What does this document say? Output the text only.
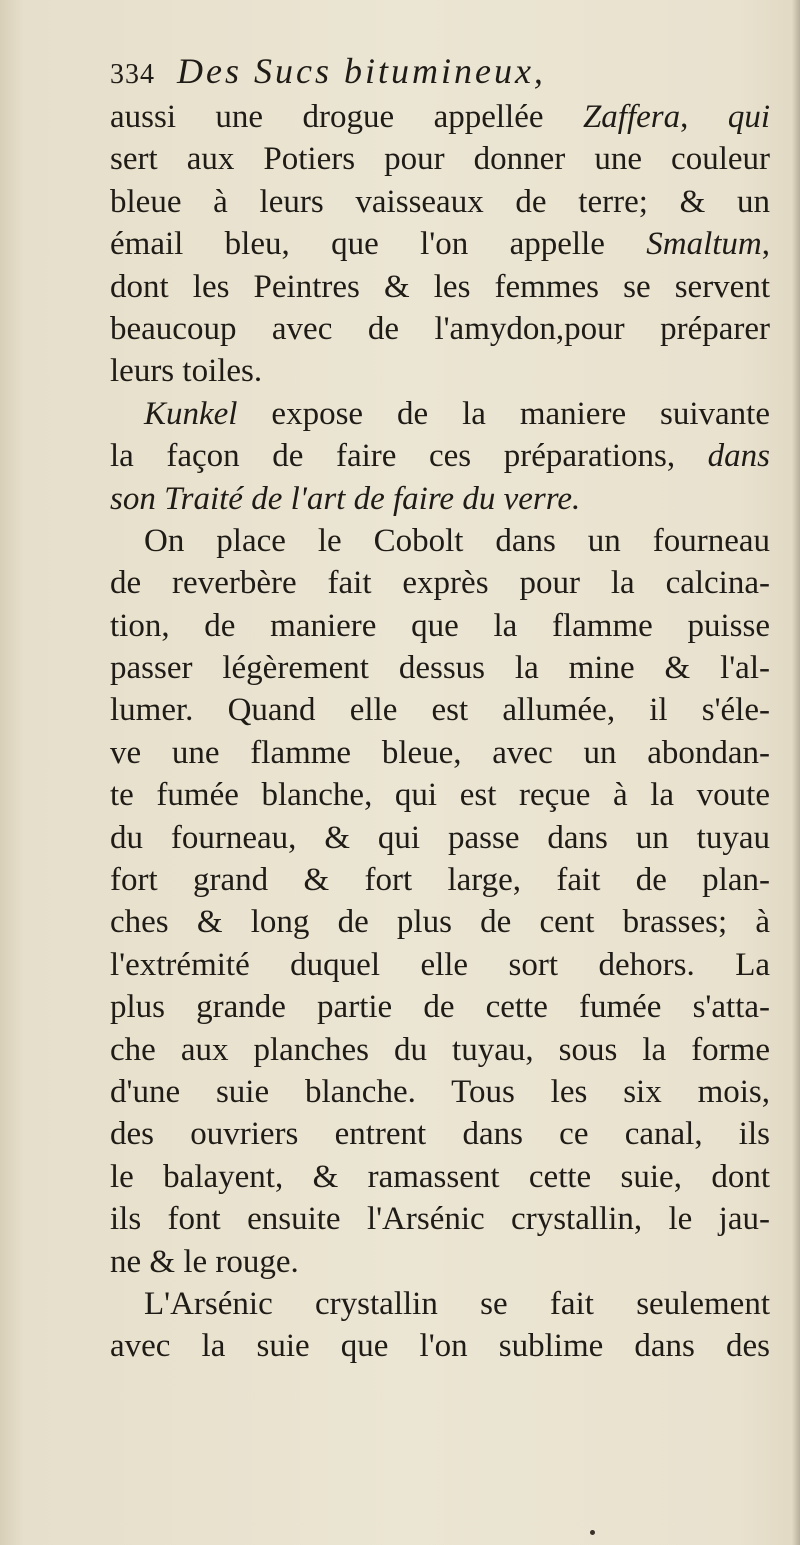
334 Des Sucs bitumineux,
aussi une drogue appellée Zaffera, qui
sert aux Potiers pour donner une couleur
bleue à leurs vaisseaux de terre; & un
émail bleu, que l'on appelle Smaltum,
dont les Peintres & les femmes se servent
beaucoup avec de l'amydon,pour préparer
leurs toiles.
Kunkel expose de la maniere suivante
la façon de faire ces préparations, dans
son Traité de l'art de faire du verre.
On place le Cobolt dans un fourneau
de reverbère fait exprès pour la calcina-
tion, de maniere que la flamme puisse
passer légèrement dessus la mine & l'al-
lumer. Quand elle est allumée, il s'éle-
ve une flamme bleue, avec un abondan-
te fumée blanche, qui est reçue à la voute
du fourneau, & qui passe dans un tuyau
fort grand & fort large, fait de plan-
ches & long de plus de cent brasses; à
l'extrémité duquel elle sort dehors. La
plus grande partie de cette fumée s'atta-
che aux planches du tuyau, sous la forme
d'une suie blanche. Tous les six mois,
des ouvriers entrent dans ce canal, ils
le balayent, & ramassent cette suie, dont
ils font ensuite l'Arsénic crystallin, le jau-
ne & le rouge.
L'Arsénic crystallin se fait seulement
avec la suie que l'on sublime dans des
